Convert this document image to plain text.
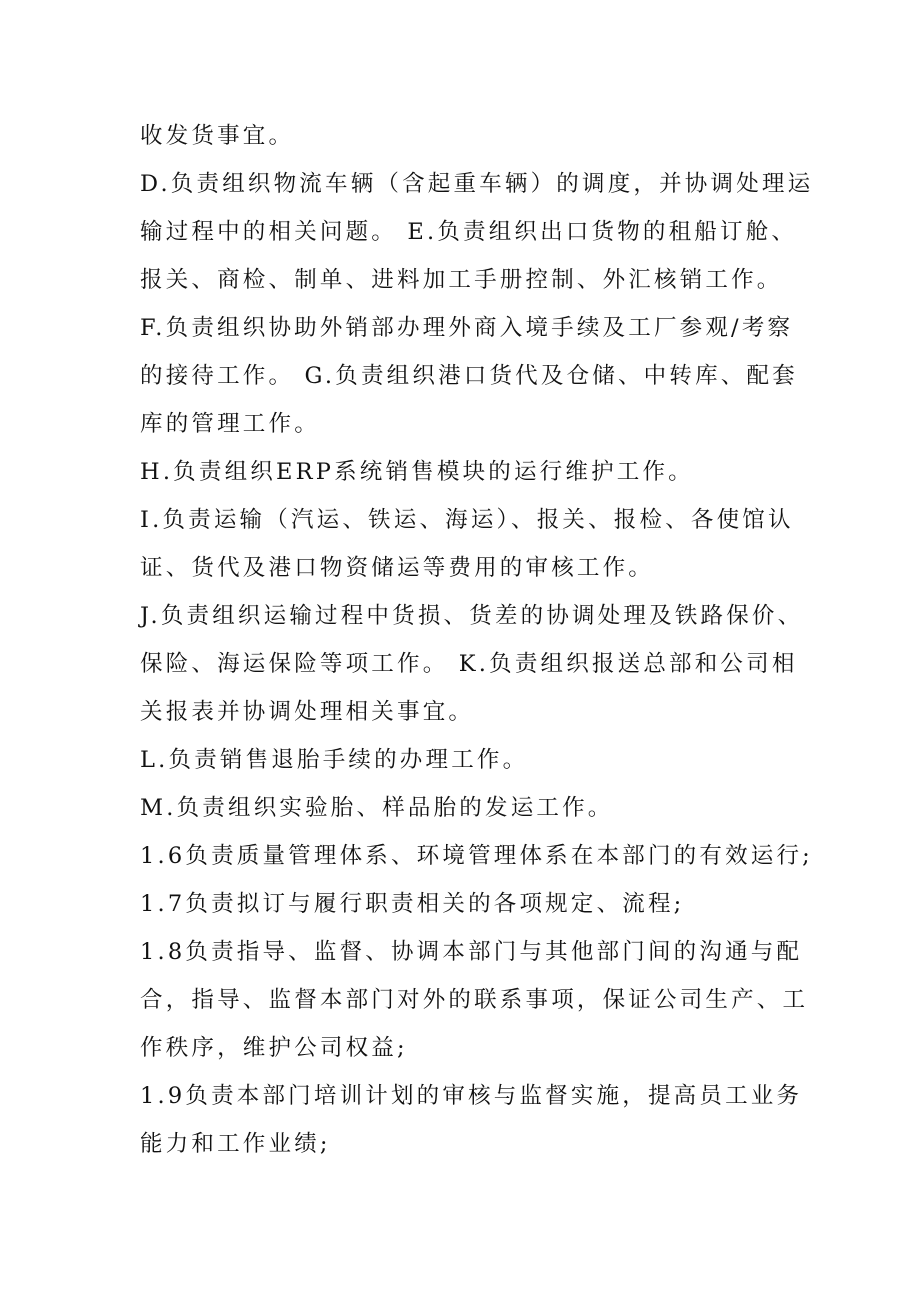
收发货事宜。
D.负责组织物流车辆（含起重车辆）的调度，并协调处理运
输过程中的相关问题。 E.负责组织出口货物的租船订舱、
报关、商检、制单、进料加工手册控制、外汇核销工作。
F.负责组织协助外销部办理外商入境手续及工厂参观/考察
的接待工作。 G.负责组织港口货代及仓储、中转库、配套
库的管理工作。
H.负责组织ERP系统销售模块的运行维护工作。
I.负责运输（汽运、铁运、海运）、报关、报检、各使馆认
证、货代及港口物资储运等费用的审核工作。
J.负责组织运输过程中货损、货差的协调处理及铁路保价、
保险、海运保险等项工作。 K.负责组织报送总部和公司相
关报表并协调处理相关事宜。
L.负责销售退胎手续的办理工作。
M.负责组织实验胎、样品胎的发运工作。
1.6负责质量管理体系、环境管理体系在本部门的有效运行;
1.7负责拟订与履行职责相关的各项规定、流程;
1.8负责指导、监督、协调本部门与其他部门间的沟通与配
合，指导、监督本部门对外的联系事项，保证公司生产、工
作秩序，维护公司权益;
1.9负责本部门培训计划的审核与监督实施，提高员工业务
能力和工作业绩;
